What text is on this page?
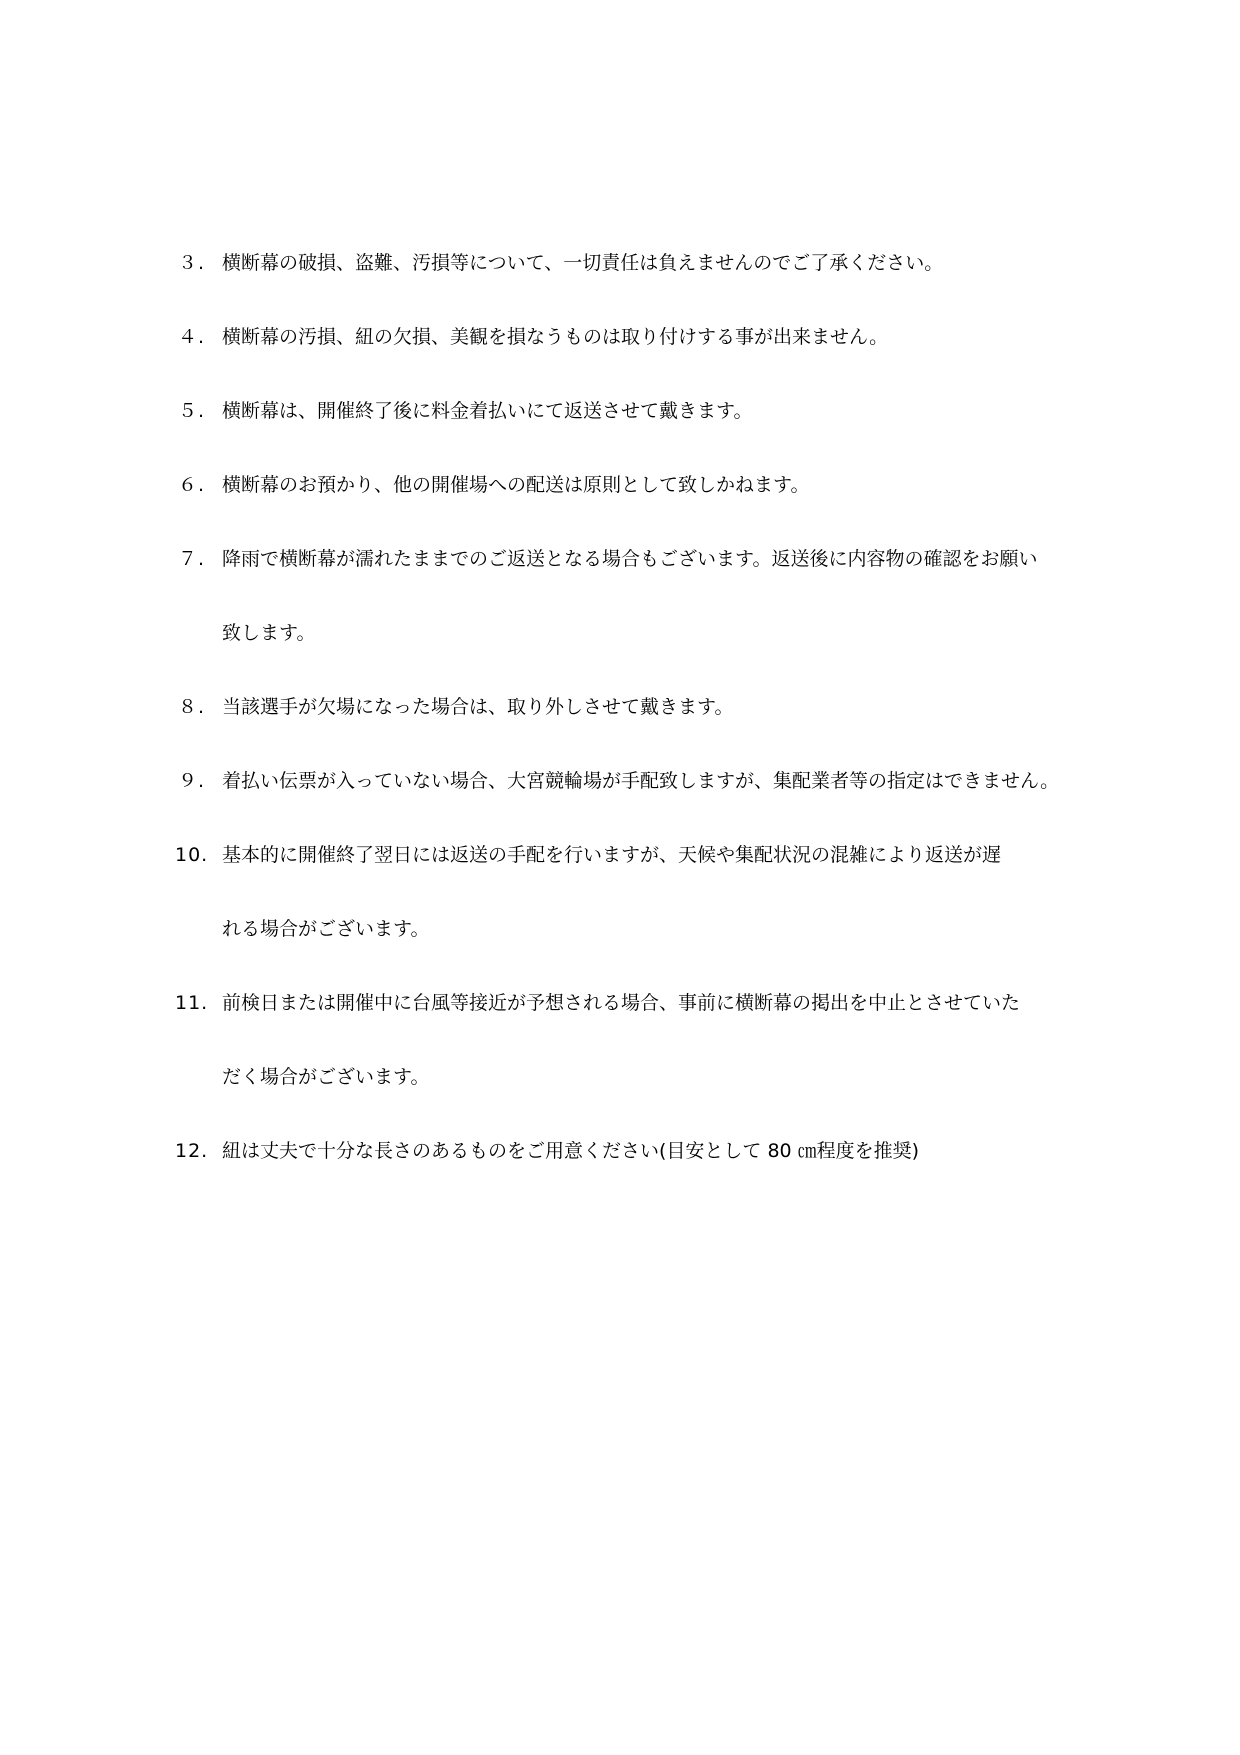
３. 横断幕の破損、盗難、汚損等について、一切責任は負えませんのでご了承ください。
４. 横断幕の汚損、紐の欠損、美観を損なうものは取り付けする事が出来ません。
５. 横断幕は、開催終了後に料金着払いにて返送させて戴きます。
６. 横断幕のお預かり、他の開催場への配送は原則として致しかねます。
７. 降雨で横断幕が濡れたままでのご返送となる場合もございます。返送後に内容物の確認をお願い
致します。
８. 当該選手が欠場になった場合は、取り外しさせて戴きます。
９. 着払い伝票が入っていない場合、大宮競輪場が手配致しますが、集配業者等の指定はできません。
10. 基本的に開催終了翌日には返送の手配を行いますが、天候や集配状況の混雑により返送が遅
れる場合がございます。
11. 前検日または開催中に台風等接近が予想される場合、事前に横断幕の掲出を中止とさせていた
だく場合がございます。
12. 紐は丈夫で十分な長さのあるものをご用意ください(目安として 80 ㎝程度を推奨)
